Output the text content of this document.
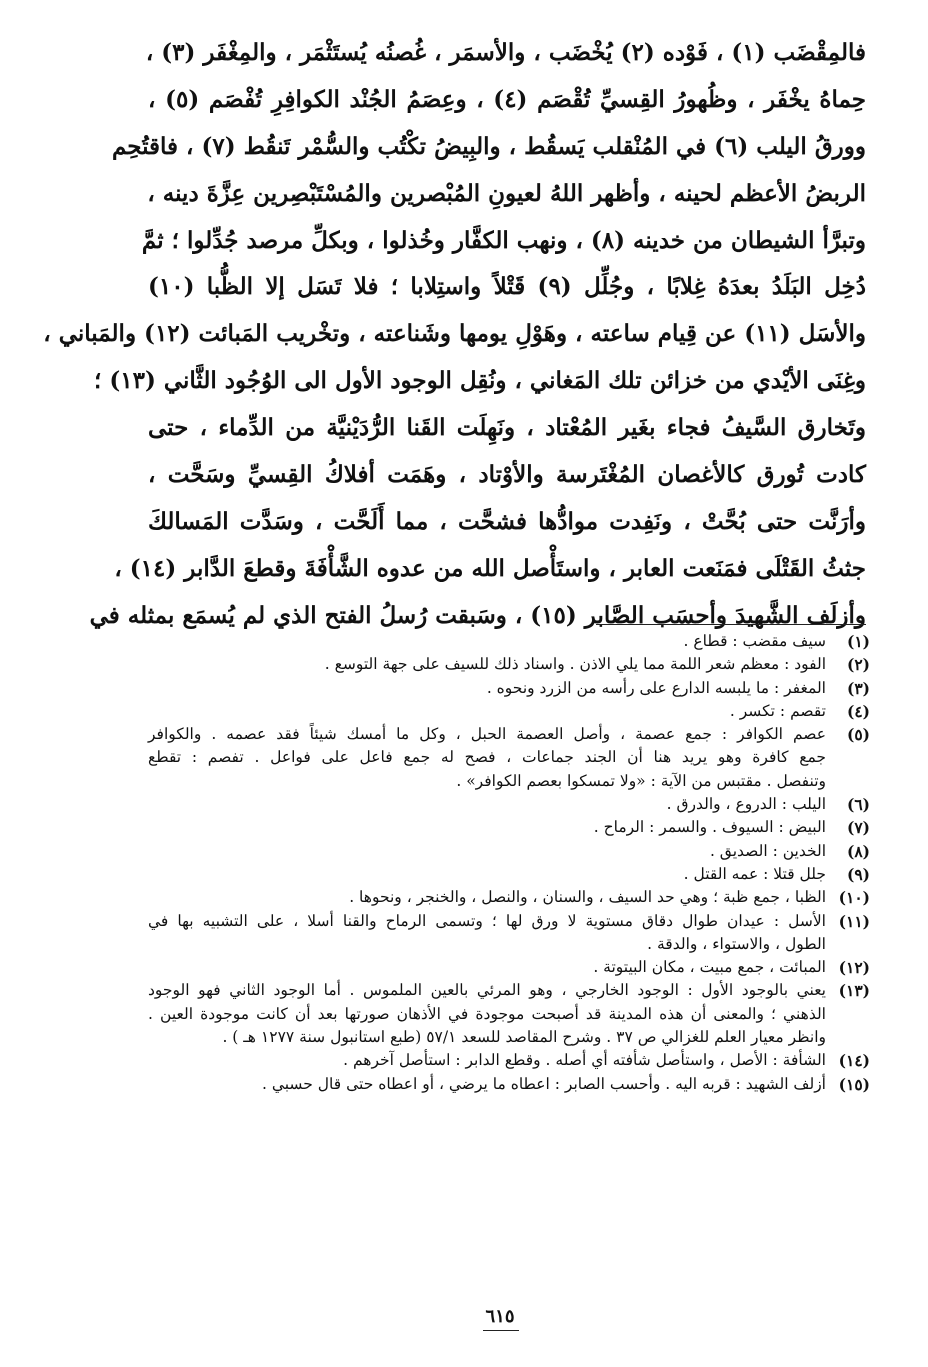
فالمِقْضَب (١) ، فَوْده (٢) يُخْضَب ، والأسمَر ، غُصنُه يُستَثْمَر ، والمِغْفَر (٣) ،
حِماهُ يخْفَر ، وظُهورُ القِسيِّ تُقْصَم (٤) ، وعِصَمُ الجُنْد الكوافِرِ تُفْصَم (٥) ،
وورقُ اليلب (٦) في المُنْقلب يَسقُط ، والبِيضُ تكْتُب والسُّمْر تَنقُط (٧) ، فاقتُحِم
الربضُ الأعظم لحينه ، وأظهر اللهُ لعيونِ المُبْصرين والمُسْتَبْصِرين عِزَّةَ دينه ،
وتبرَّأ الشيطان من خدينه (٨) ، ونهب الكفَّار وخُذلوا ، وبكلِّ مرصد جُدِّلوا ؛ ثمَّ
دُخِل البَلَدُ بعدَهُ غِلابًا ، وجُلِّل (٩) قَتْلاً واستِلابا ؛ فلا تَسَل إلا الظُّبا (١٠)
والأسَل (١١) عن قِيام ساعته ، وهَوْلِ يومها وشَناعته ، وتخْريب المَبائت (١٢) والمَباني ،
وغِنَى الأيْدي من خزائن تلك المَغاني ، ونُقِل الوجود الأول الى الوُجُود الثَّاني (١٣) ؛
وتَخارق السَّيفُ فجاء بغَير المُعْتاد ، ونَهِلَت القَنا الرُّدَيْنيَّة من الدِّماء ، حتى
كادت تُورق كالأغصان المُغْتَرسة والأوْتاد ، وهَمَت أفلاكُ القِسيِّ وسَحَّت ،
وأرَنَّت حتى بُحَّتْ ، ونَفِدت موادُّها فشحَّت ، مما أَلَحَّت ، وسَدَّت المَسالكَ
جثثُ القَتْلَى فمَنَعت العابر ، واستَأْصل الله من عدوه الشَّأْفَةَ وقطعَ الدَّابر (١٤) ،
وأزلَف الشَّهيدَ وأحسَب الصَّابر (١٥) ، وسَبقت رُسلُ الفتح الذي لم يُسمَع بمثله في
(١)
سيف مقضب : قطاع .
(٢)
الفود : معظم شعر اللمة مما يلي الاذن . واسناد ذلك للسيف على جهة التوسع .
(٣)
المغفر : ما يلبسه الدارع على رأسه من الزرد ونحوه .
(٤)
تقصم : تكسر .
(٥)
عصم الكوافر : جمع عصمة ، وأصل العصمة الحبل ، وكل ما أمسك شيئاً فقد عصمه . والكوافر
جمع كافرة وهو يريد هنا أن الجند جماعات ، فصح له جمع فاعل على فواعل . تفصم : تقطع
وتنفصل . مقتبس من الآية : «ولا تمسكوا بعصم الكوافر» .
(٦)
اليلب : الدروع ، والدرق .
(٧)
البيض : السيوف . والسمر : الرماح .
(٨)
الخدين : الصديق .
(٩)
جلل قتلا : عمه القتل .
(١٠)
الظبا ، جمع ظبة ؛ وهي حد السيف ، والسنان ، والنصل ، والخنجر ، ونحوها .
(١١)
الأسل : عيدان طوال دقاق مستوية لا ورق لها ؛ وتسمى الرماح والقنا أسلا ، على التشبيه بها في
الطول ، والاستواء ، والدقة .
(١٢)
المبائت ، جمع مبيت ، مكان البيتوتة .
(١٣)
يعني بالوجود الأول : الوجود الخارجي ، وهو المرئي بالعين الملموس . أما الوجود الثاني فهو الوجود
الذهني ؛ والمعنى أن هذه المدينة قد أصبحت موجودة في الأذهان صورتها بعد أن كانت موجودة العين .
وانظر معيار العلم للغزالي ص ٣٧ . وشرح المقاصد للسعد ٥٧/١ (طبع استانبول سنة ١٢٧٧ هـ ) .
(١٤)
الشأفة : الأصل ، واستأصل شأفته أي أصله . وقطع الدابر : استأصل آخرهم .
(١٥)
أزلف الشهيد : قربه اليه . وأحسب الصابر : اعطاه ما يرضي ، أو اعطاه حتى قال حسبي .
٦١٥
